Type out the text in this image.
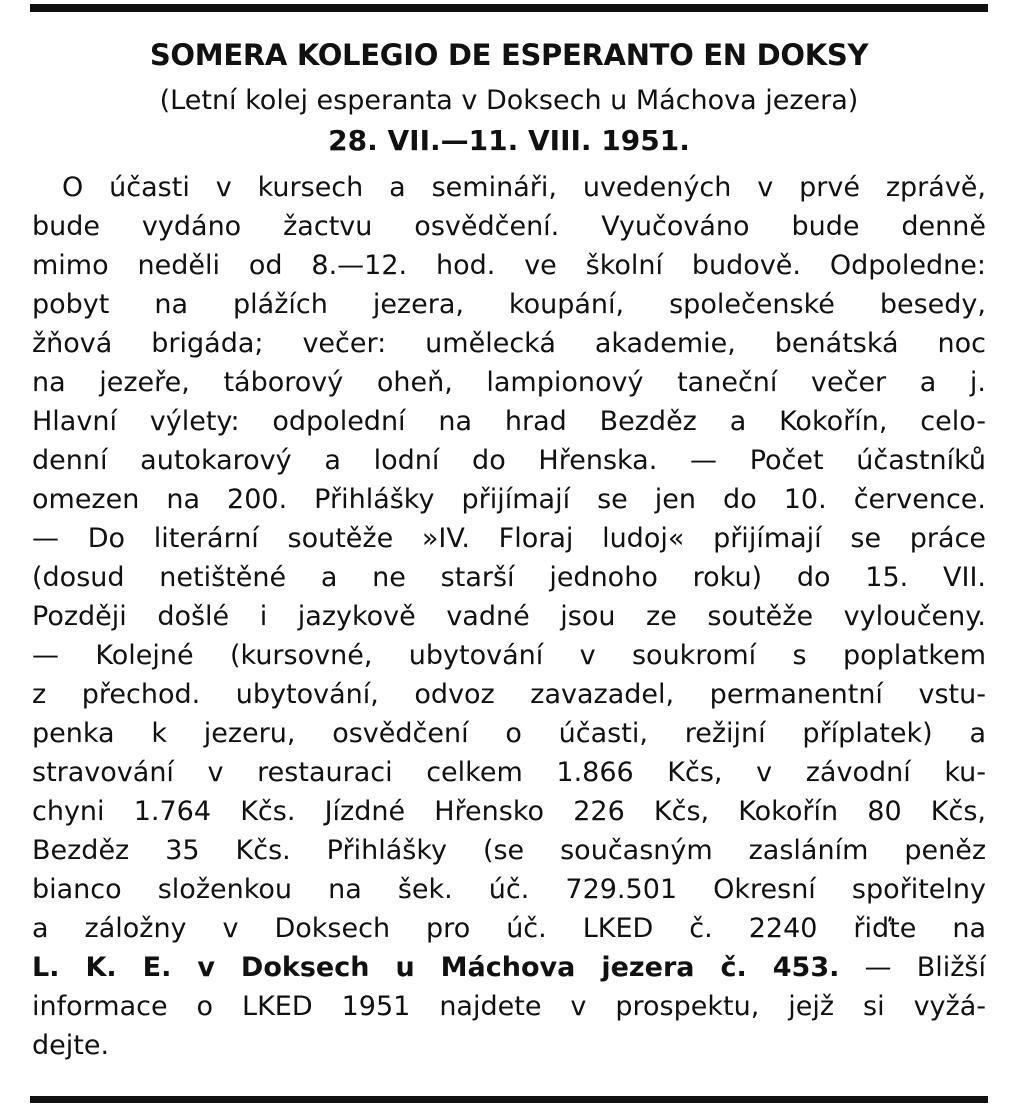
SOMERA KOLEGIO DE ESPERANTO EN DOKSY
(Letní kolej esperanta v Doksech u Máchova jezera)
28. VII.—11. VIII. 1951.
O účasti v kursech a semináři, uvedených v prvé zprávě,
bude vydáno žactvu osvědčení. Vyučováno bude denně
mimo neděli od 8.—12. hod. ve školní budově. Odpoledne:
pobyt na plážích jezera, koupání, společenské besedy,
žňová brigáda; večer: umělecká akademie, benátská noc
na jezeře, táborový oheň, lampionový taneční večer a j.
Hlavní výlety: odpolední na hrad Bezděz a Kokořín, celo-
denní autokarový a lodní do Hřenska. — Počet účastníků
omezen na 200. Přihlášky přijímají se jen do 10. července.
— Do literární soutěže »IV. Floraj ludoj« přijímají se práce
(dosud netištěné a ne starší jednoho roku) do 15. VII.
Později došlé i jazykově vadné jsou ze soutěže vyloučeny.
— Kolejné (kursovné, ubytování v soukromí s poplatkem
z přechod. ubytování, odvoz zavazadel, permanentní vstu-
penka k jezeru, osvědčení o účasti, režijní příplatek) a
stravování v restauraci celkem 1.866 Kčs, v závodní ku-
chyni 1.764 Kčs. Jízdné Hřensko 226 Kčs, Kokořín 80 Kčs,
Bezděz 35 Kčs. Přihlášky (se současným zasláním peněz
bianco složenkou na šek. úč. 729.501 Okresní spořitelny
a záložny v Doksech pro úč. LKED č. 2240 řiďte na
L. K. E. v Doksech u Máchova jezera č. 453. — Bližší
informace o LKED 1951 najdete v prospektu, jejž si vyžá-
dejte.
